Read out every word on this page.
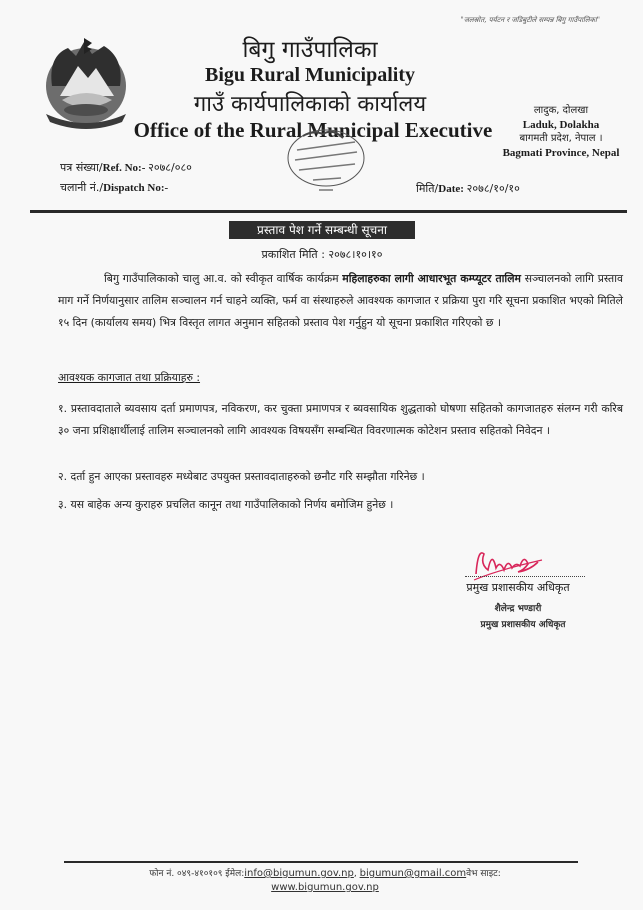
"जलस्रोत, पर्यटन र जडिबुटीले सम्पन्न बिगु गाउँपालिका"
बिगु गाउँपालिका
Bigu Rural Municipality
गाउँ कार्यपालिकाको कार्यालय
Office of the Rural Municipal Executive
लादुक, दोलखा
Laduk, Dolakha
बागमती प्रदेश, नेपाल ।
Bagmati Province, Nepal
पत्र संख्या/Ref. No:- २०७८/०८०
चलानी नं./Dispatch No:-	मिति/Date: २०७८/१०/१०
प्रस्ताव पेश गर्ने सम्बन्धी सूचना
प्रकाशित मिति : २०७८।१०।१०
बिगु गाउँपालिकाको चालु आ.व. को स्वीकृत वार्षिक कार्यक्रम महिलाहरुका लागी आधारभूत कम्प्यूटर तालिम सञ्चालनको लागि प्रस्ताव माग गर्ने निर्णयानुसार तालिम सञ्चालन गर्न चाहने व्यक्ति, फर्म वा संस्थाहरुले आवश्यक कागजात र प्रक्रिया पुरा गरि सूचना प्रकाशित भएको मितिले १५ दिन (कार्यालय समय) भित्र विस्तृत लागत अनुमान सहितको प्रस्ताव पेश गर्नुहुन यो सूचना प्रकाशित गरिएको छ ।
आवश्यक कागजात तथा प्रक्रियाहरु :
१. प्रस्तावदाताले ब्यवसाय दर्ता प्रमाणपत्र, नविकरण, कर चुक्ता प्रमाणपत्र र ब्यवसायिक शुद्धताको घोषणा सहितको कागजातहरु संलग्न गरी करिब ३० जना प्रशिक्षार्थीलाई तालिम सञ्चालनको लागि आवश्यक विषयसँग सम्बन्धित विवरणात्मक कोटेशन प्रस्ताव सहितको निवेदन ।
२. दर्ता हुन आएका प्रस्तावहरु मध्येबाट उपयुक्त प्रस्तावदाताहरुको छनौट गरि सम्झौता गरिनेछ ।
३. यस बाहेक अन्य कुराहरु प्रचलित कानून तथा गाउँपालिकाको निर्णय बमोजिम हुनेछ ।
प्रमुख प्रशासकीय अधिकृत
शैलेन्द्र भण्डारी
प्रमुख प्रशासकीय अधिकृत
फोन नं. ०४९-४१०१०९ ईमेल:info@bigumun.gov.np, bigumun@gmail.comवेभ साइट:
www.bigumun.gov.np
